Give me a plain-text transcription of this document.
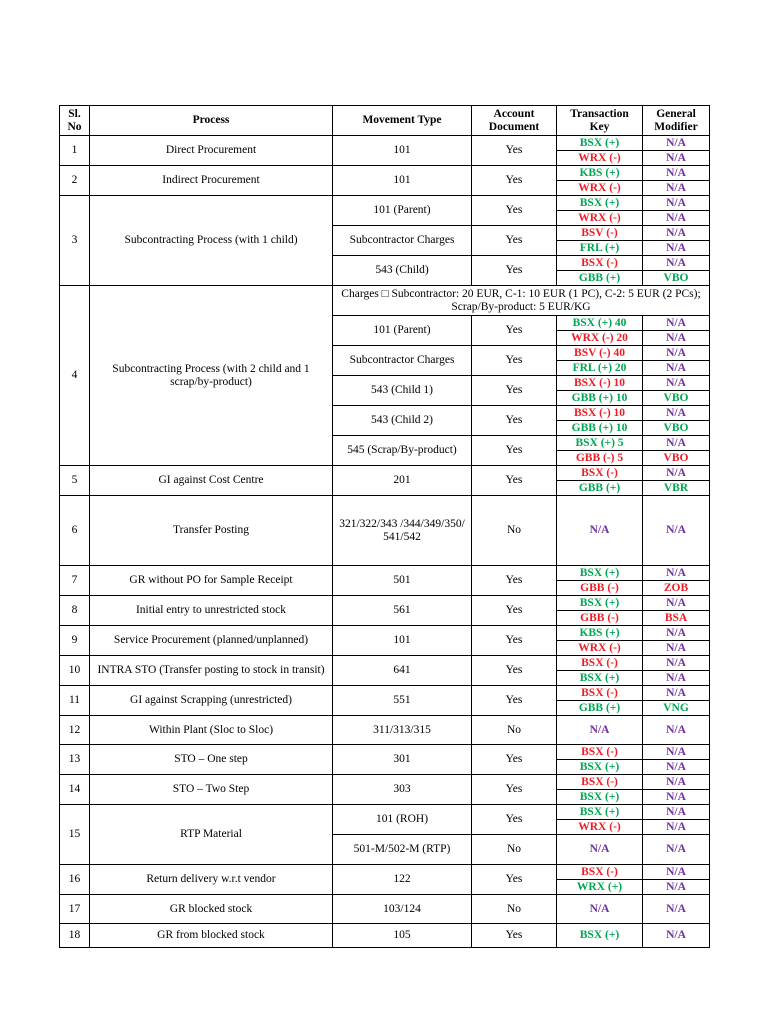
Sl. No	Process	Movement Type	Account Document	Transaction Key	General Modifier
1	Direct Procurement	101	Yes	BSX (+)	N/A
				WRX (-)	N/A
2	Indirect Procurement	101	Yes	KBS (+)	N/A
				WRX (-)	N/A
3	Subcontracting Process (with 1 child)	101 (Parent)	Yes	BSX (+)	N/A
				WRX (-)	N/A
		Subcontractor Charges	Yes	BSV (-)	N/A
				FRL (+)	N/A
		543 (Child)	Yes	BSX (-)	N/A
				GBB (+)	VBO
4	Subcontracting Process (with 2 child and 1 scrap/by-product)	Charges □ Subcontractor: 20 EUR, C-1: 10 EUR (1 PC), C-2: 5 EUR (2 PCs); Scrap/By-product: 5 EUR/KG			
		101 (Parent)	Yes	BSX (+) 40	N/A
				WRX (-) 20	N/A
		Subcontractor Charges	Yes	BSV (-) 40	N/A
				FRL (+) 20	N/A
		543 (Child 1)	Yes	BSX (-) 10	N/A
				GBB (+) 10	VBO
		543 (Child 2)	Yes	BSX (-) 10	N/A
				GBB (+) 10	VBO
		545 (Scrap/By-product)	Yes	BSX (+) 5	N/A
				GBB (-) 5	VBO
5	GI against Cost Centre	201	Yes	BSX (-)	N/A
				GBB (+)	VBR
6	Transfer Posting	321/322/343 /344/349/350/ 541/542	No	N/A	N/A
7	GR without PO for Sample Receipt	501	Yes	BSX (+)	N/A
				GBB (-)	ZOB
8	Initial entry to unrestricted stock	561	Yes	BSX (+)	N/A
				GBB (-)	BSA
9	Service Procurement (planned/unplanned)	101	Yes	KBS (+)	N/A
				WRX (-)	N/A
10	INTRA STO (Transfer posting to stock in transit)	641	Yes	BSX (-)	N/A
				BSX (+)	N/A
11	GI against Scrapping (unrestricted)	551	Yes	BSX (-)	N/A
				GBB (+)	VNG
12	Within Plant (Sloc to Sloc)	311/313/315	No	N/A	N/A
13	STO – One step	301	Yes	BSX (-)	N/A
				BSX (+)	N/A
14	STO – Two Step	303	Yes	BSX (-)	N/A
				BSX (+)	N/A
15	RTP Material	101 (ROH)	Yes	BSX (+)	N/A
				WRX (-)	N/A
		501-M/502-M (RTP)	No	N/A	N/A
16	Return delivery w.r.t vendor	122	Yes	BSX (-)	N/A
				WRX (+)	N/A
17	GR blocked stock	103/124	No	N/A	N/A
18	GR from blocked stock	105	Yes	BSX (+)	N/A
